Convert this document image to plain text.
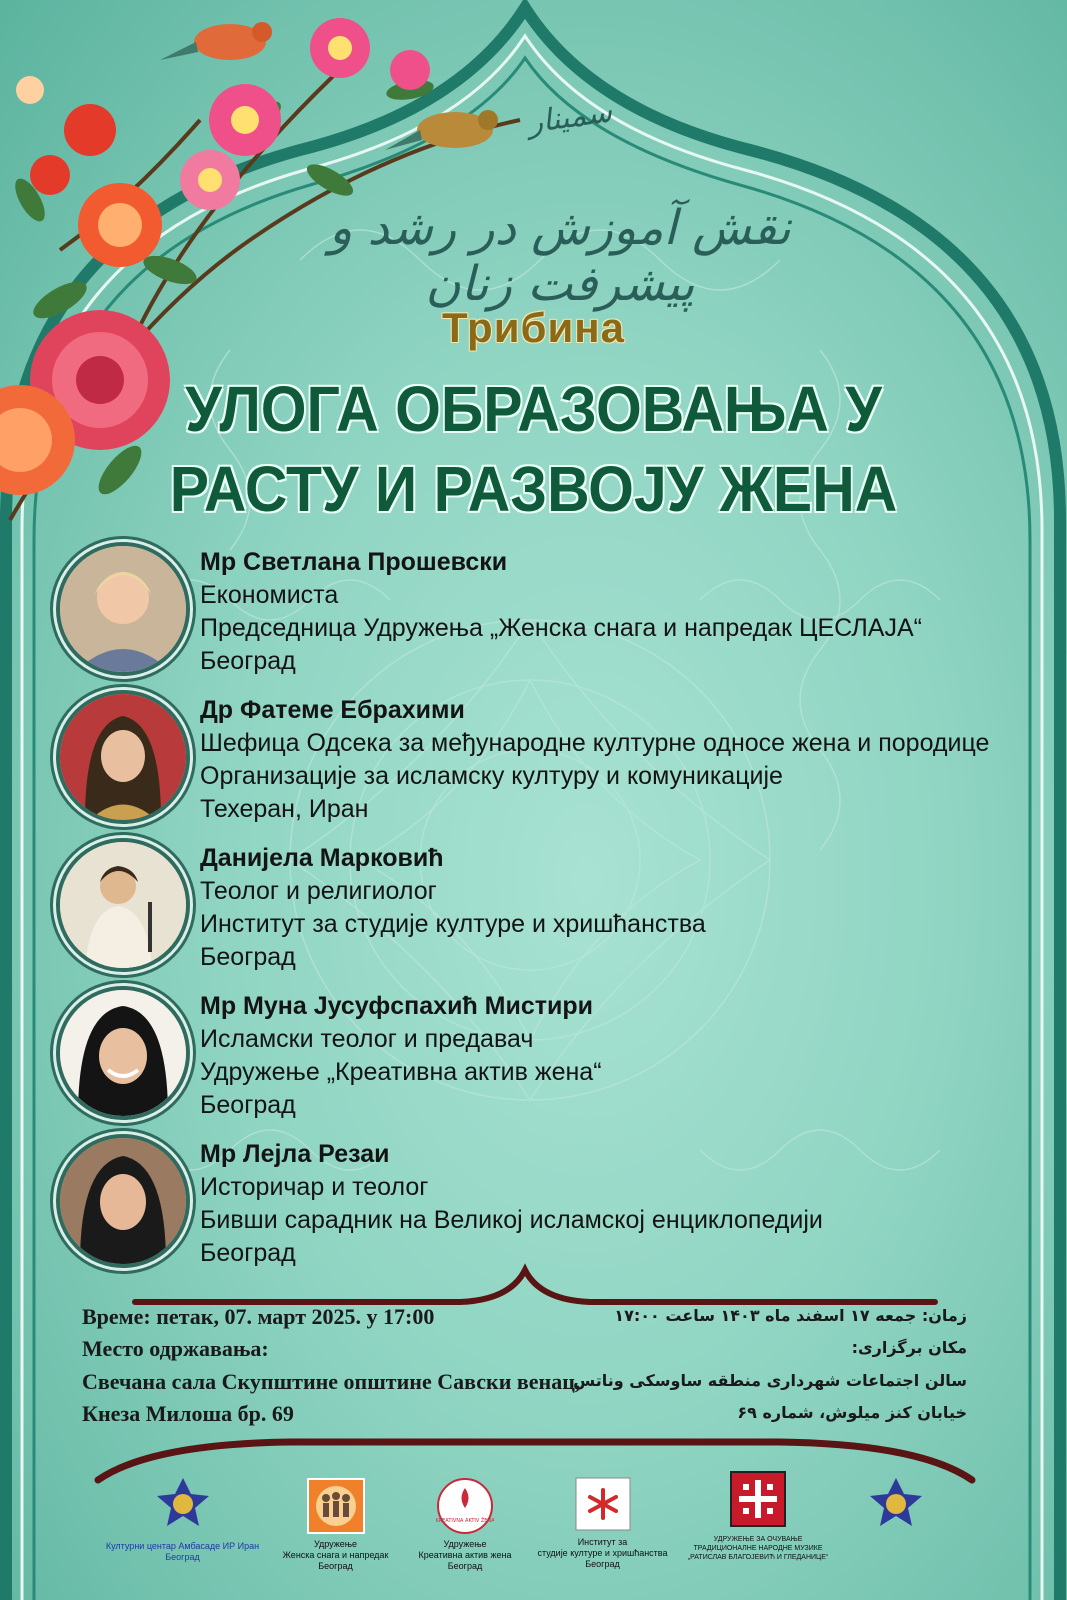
سمینار
نقش آموزش در رشد و پیشرفت زنان
Трибина
УЛОГА ОБРАЗОВАЊА У
РАСТУ И РАЗВОЈУ ЖЕНА
Мр Светлана Прошевски
Економиста
Председница Удружења „Женска снага и напредак ЦЕСЛАЈА“
Београд
Др Фатеме Ебрахими
Шефица Одсека за међународне културне односе жена и породице
Организације за исламску културу и комуникације
Техеран, Иран
Данијела Марковић
Теолог и религиолог
Институт за студије културе и хришћанства
Београд
Мр Муна Јусуфспахић Мистири
Исламски теолог и предавач
Удружење „Креативна актив жена“
Београд
Мр Лејла Резаи
Историчар и теолог
Бивши сарадник на Великој исламској енциклопедији
Београд
Време: петак, 07. март 2025. у 17:00
Место одржавања:
Свечана сала Скупштине општине Савски венац,
Кнеза Милоша бр. 69
زمان: جمعه ۱۷ اسفند ماه ۱۴۰۳ ساعت ۱۷:۰۰
مکان برگزاری:
سالن اجتماعات شهرداری منطقه ساوسکی وناتس
خیابان کنز میلوش، شماره ۶۹
Културни центар Амбасаде ИР Иран
Београд
Удружење
Женска снага и напредак
Београд
KREATIVNA AKTIV ŽENA
Удружење
Креативна актив жена
Београд
Институт за
студије културе и хришћанства
Београд
УДРУЖЕЊЕ ЗА ОЧУВАЊЕ
ТРАДИЦИОНАЛНЕ НАРОДНЕ МУЗИКЕ
„РАТИСЛАВ БЛАГОЈЕВИЋ И ГЛЕДАНИЦЕ“
